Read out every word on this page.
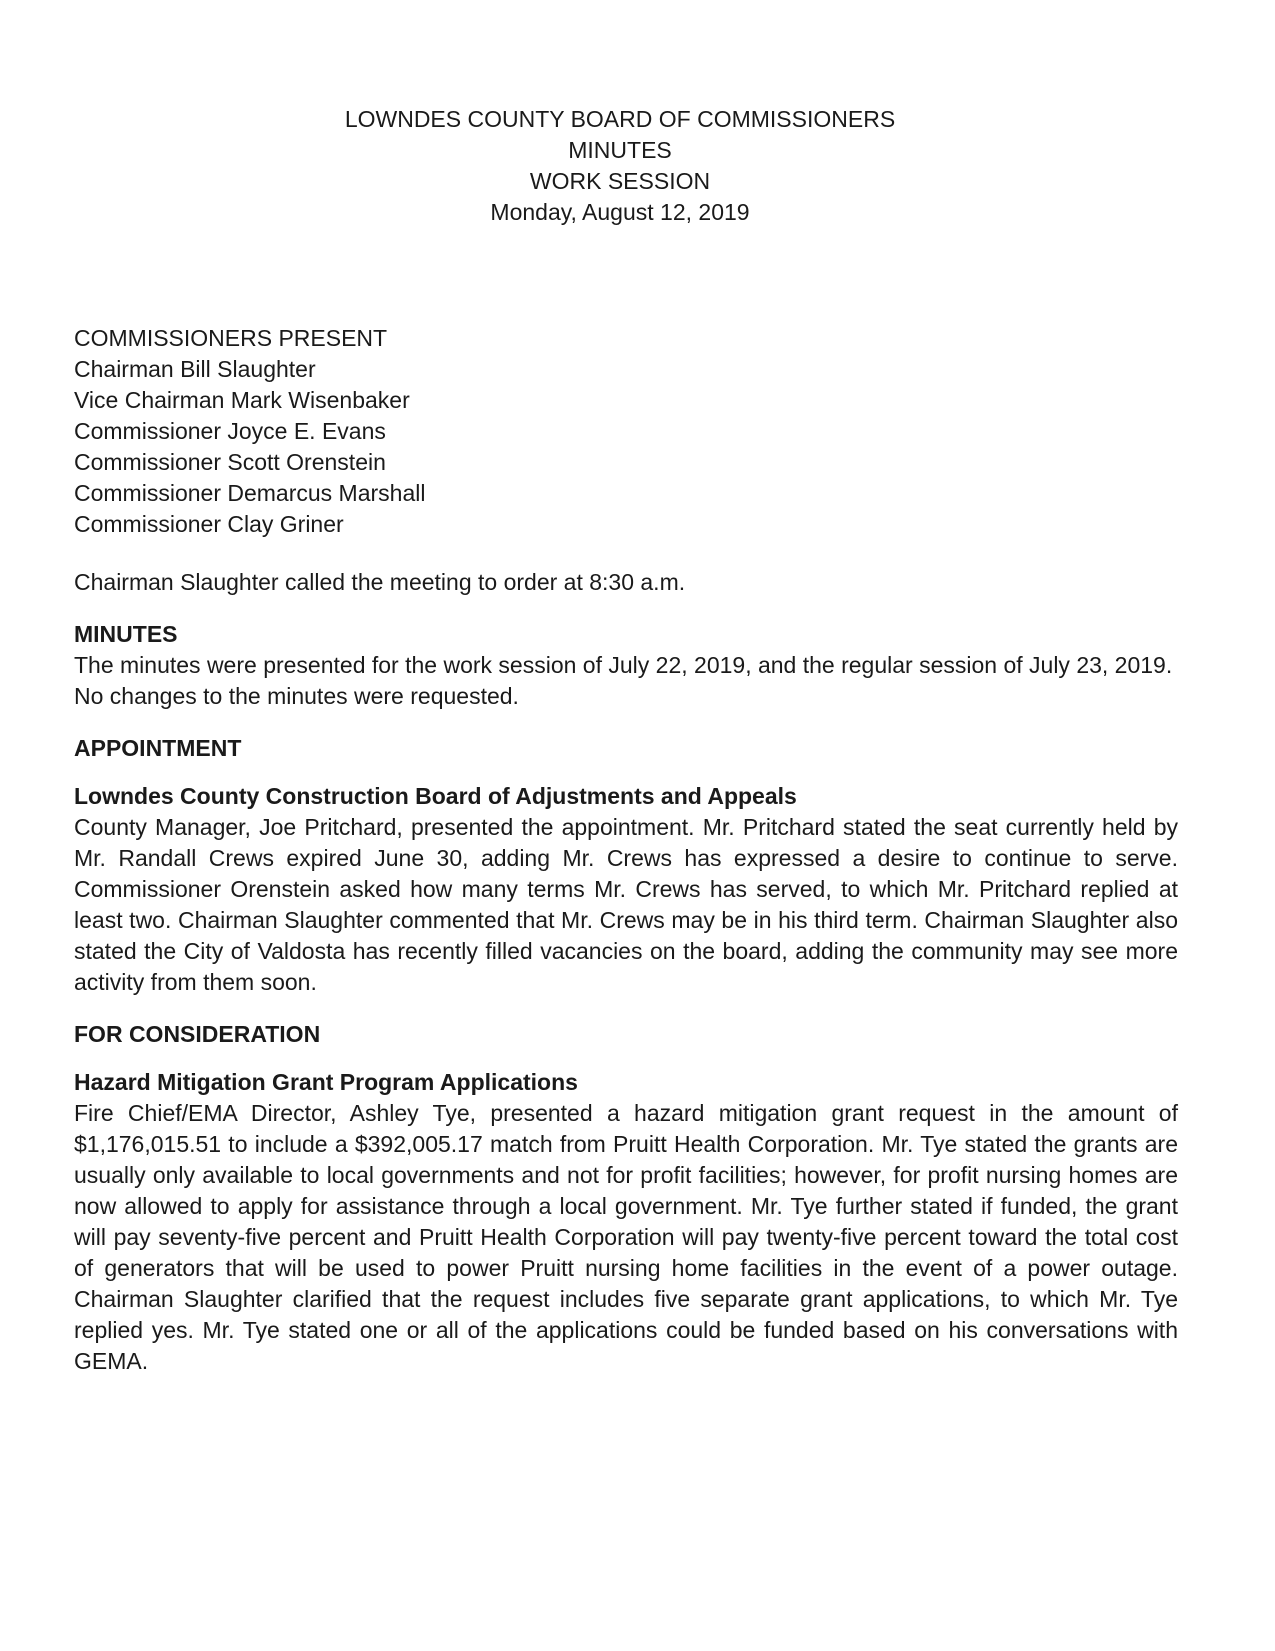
LOWNDES COUNTY BOARD OF COMMISSIONERS
MINUTES
WORK SESSION
Monday, August 12, 2019
COMMISSIONERS PRESENT
Chairman Bill Slaughter
Vice Chairman Mark Wisenbaker
Commissioner Joyce E. Evans
Commissioner Scott Orenstein
Commissioner Demarcus Marshall
Commissioner Clay Griner
Chairman Slaughter called the meeting to order at 8:30 a.m.
MINUTES
The minutes were presented for the work session of July 22, 2019, and the regular session of July 23, 2019. No changes to the minutes were requested.
APPOINTMENT
Lowndes County Construction Board of Adjustments and Appeals
County Manager, Joe Pritchard, presented the appointment. Mr. Pritchard stated the seat currently held by Mr. Randall Crews expired June 30, adding Mr. Crews has expressed a desire to continue to serve. Commissioner Orenstein asked how many terms Mr. Crews has served, to which Mr. Pritchard replied at least two. Chairman Slaughter commented that Mr. Crews may be in his third term. Chairman Slaughter also stated the City of Valdosta has recently filled vacancies on the board, adding the community may see more activity from them soon.
FOR CONSIDERATION
Hazard Mitigation Grant Program Applications
Fire Chief/EMA Director, Ashley Tye, presented a hazard mitigation grant request in the amount of $1,176,015.51 to include a $392,005.17 match from Pruitt Health Corporation. Mr. Tye stated the grants are usually only available to local governments and not for profit facilities; however, for profit nursing homes are now allowed to apply for assistance through a local government. Mr. Tye further stated if funded, the grant will pay seventy-five percent and Pruitt Health Corporation will pay twenty-five percent toward the total cost of generators that will be used to power Pruitt nursing home facilities in the event of a power outage. Chairman Slaughter clarified that the request includes five separate grant applications, to which Mr. Tye replied yes. Mr. Tye stated one or all of the applications could be funded based on his conversations with GEMA.
